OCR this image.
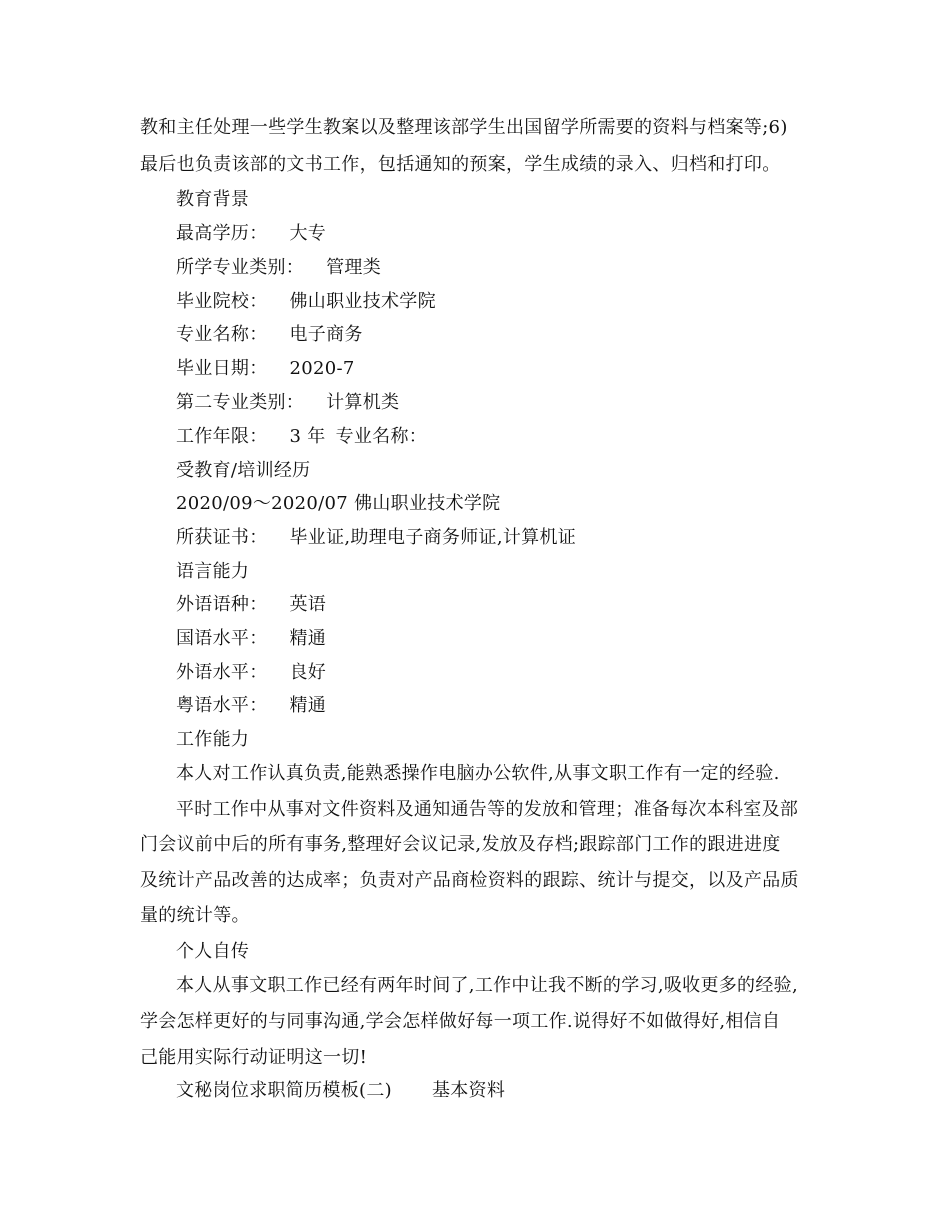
教和主任处理一些学生教案以及整理该部学生出国留学所需要的资料与档案等;6)
最后也负责该部的文书工作，包括通知的预案，学生成绩的录入、归档和打印。
教育背景
最高学历： 大专
所学专业类别： 管理类
毕业院校： 佛山职业技术学院
专业名称： 电子商务
毕业日期： 2020-7
第二专业类别： 计算机类
工作年限： 3 年 专业名称：
受教育/培训经历
2020/09～2020/07 佛山职业技术学院
所获证书： 毕业证,助理电子商务师证,计算机证
语言能力
外语语种： 英语
国语水平： 精通
外语水平： 良好
粤语水平： 精通
工作能力
本人对工作认真负责,能熟悉操作电脑办公软件,从事文职工作有一定的经验.
平时工作中从事对文件资料及通知通告等的发放和管理；准备每次本科室及部
门会议前中后的所有事务,整理好会议记录,发放及存档;跟踪部门工作的跟进进度
及统计产品改善的达成率；负责对产品商检资料的跟踪、统计与提交，以及产品质
量的统计等。
个人自传
本人从事文职工作已经有两年时间了,工作中让我不断的学习,吸收更多的经验,
学会怎样更好的与同事沟通,学会怎样做好每一项工作.说得好不如做得好,相信自
己能用实际行动证明这一切!
文秘岗位求职简历模板(二) 基本资料
